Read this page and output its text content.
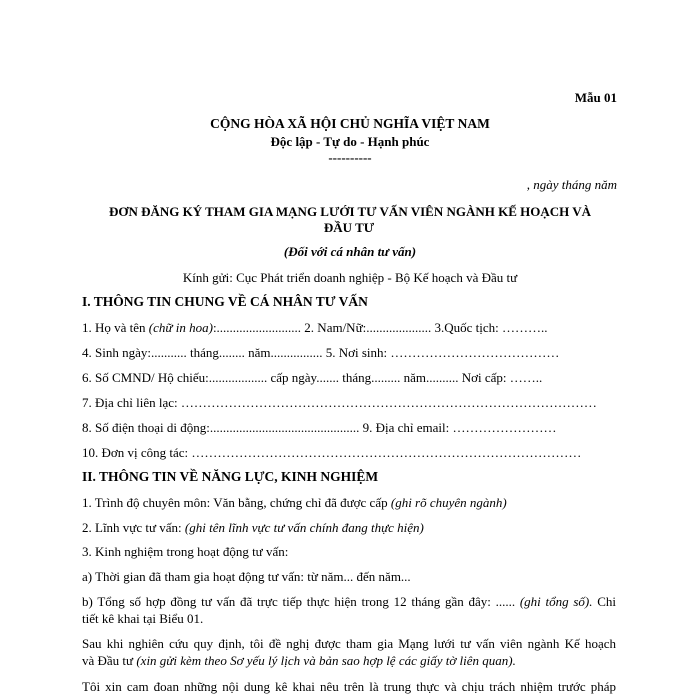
Mẫu 01
CỘNG HÒA XÃ HỘI CHỦ NGHĨA VIỆT NAM
Độc lập - Tự do - Hạnh phúc
----------
, ngày tháng năm
ĐƠN ĐĂNG KÝ THAM GIA MẠNG LƯỚI TƯ VẤN VIÊN NGÀNH KẾ HOẠCH VÀ
ĐẦU TƯ
(Đối với cá nhân tư vấn)
Kính gửi: Cục Phát triển doanh nghiệp - Bộ Kế hoạch và Đầu tư
I. THÔNG TIN CHUNG VỀ CÁ NHÂN TƯ VẤN
1. Họ và tên (chữ in hoa):.......................... 2. Nam/Nữ:.................... 3.Quốc tịch: ………..
4. Sinh ngày:........... tháng........ năm................ 5. Nơi sinh: …………………………………
6. Số CMND/ Hộ chiếu:.................. cấp ngày....... tháng......... năm.......... Nơi cấp: ……..
7. Địa chỉ liên lạc: ……………………………………………………………………………………
8. Số điện thoại di động:.............................................. 9. Địa chỉ email: ……………………
10. Đơn vị công tác: ………………………………………………………………………………
II. THÔNG TIN VỀ NĂNG LỰC, KINH NGHIỆM
1. Trình độ chuyên môn: Văn bằng, chứng chỉ đã được cấp (ghi rõ chuyên ngành)
2. Lĩnh vực tư vấn: (ghi tên lĩnh vực tư vấn chính đang thực hiện)
3. Kinh nghiệm trong hoạt động tư vấn:
a) Thời gian đã tham gia hoạt động tư vấn: từ năm... đến năm...
b) Tổng số hợp đồng tư vấn đã trực tiếp thực hiện trong 12 tháng gần đây: ...... (ghi tổng số). Chi
tiết kê khai tại Biểu 01.
Sau khi nghiên cứu quy định, tôi đề nghị được tham gia Mạng lưới tư vấn viên ngành Kế hoạch
và Đầu tư (xin gửi kèm theo Sơ yếu lý lịch và bản sao hợp lệ các giấy tờ liên quan).
Tôi xin cam đoan những nội dung kê khai nêu trên là trung thực và chịu trách nhiệm trước pháp
